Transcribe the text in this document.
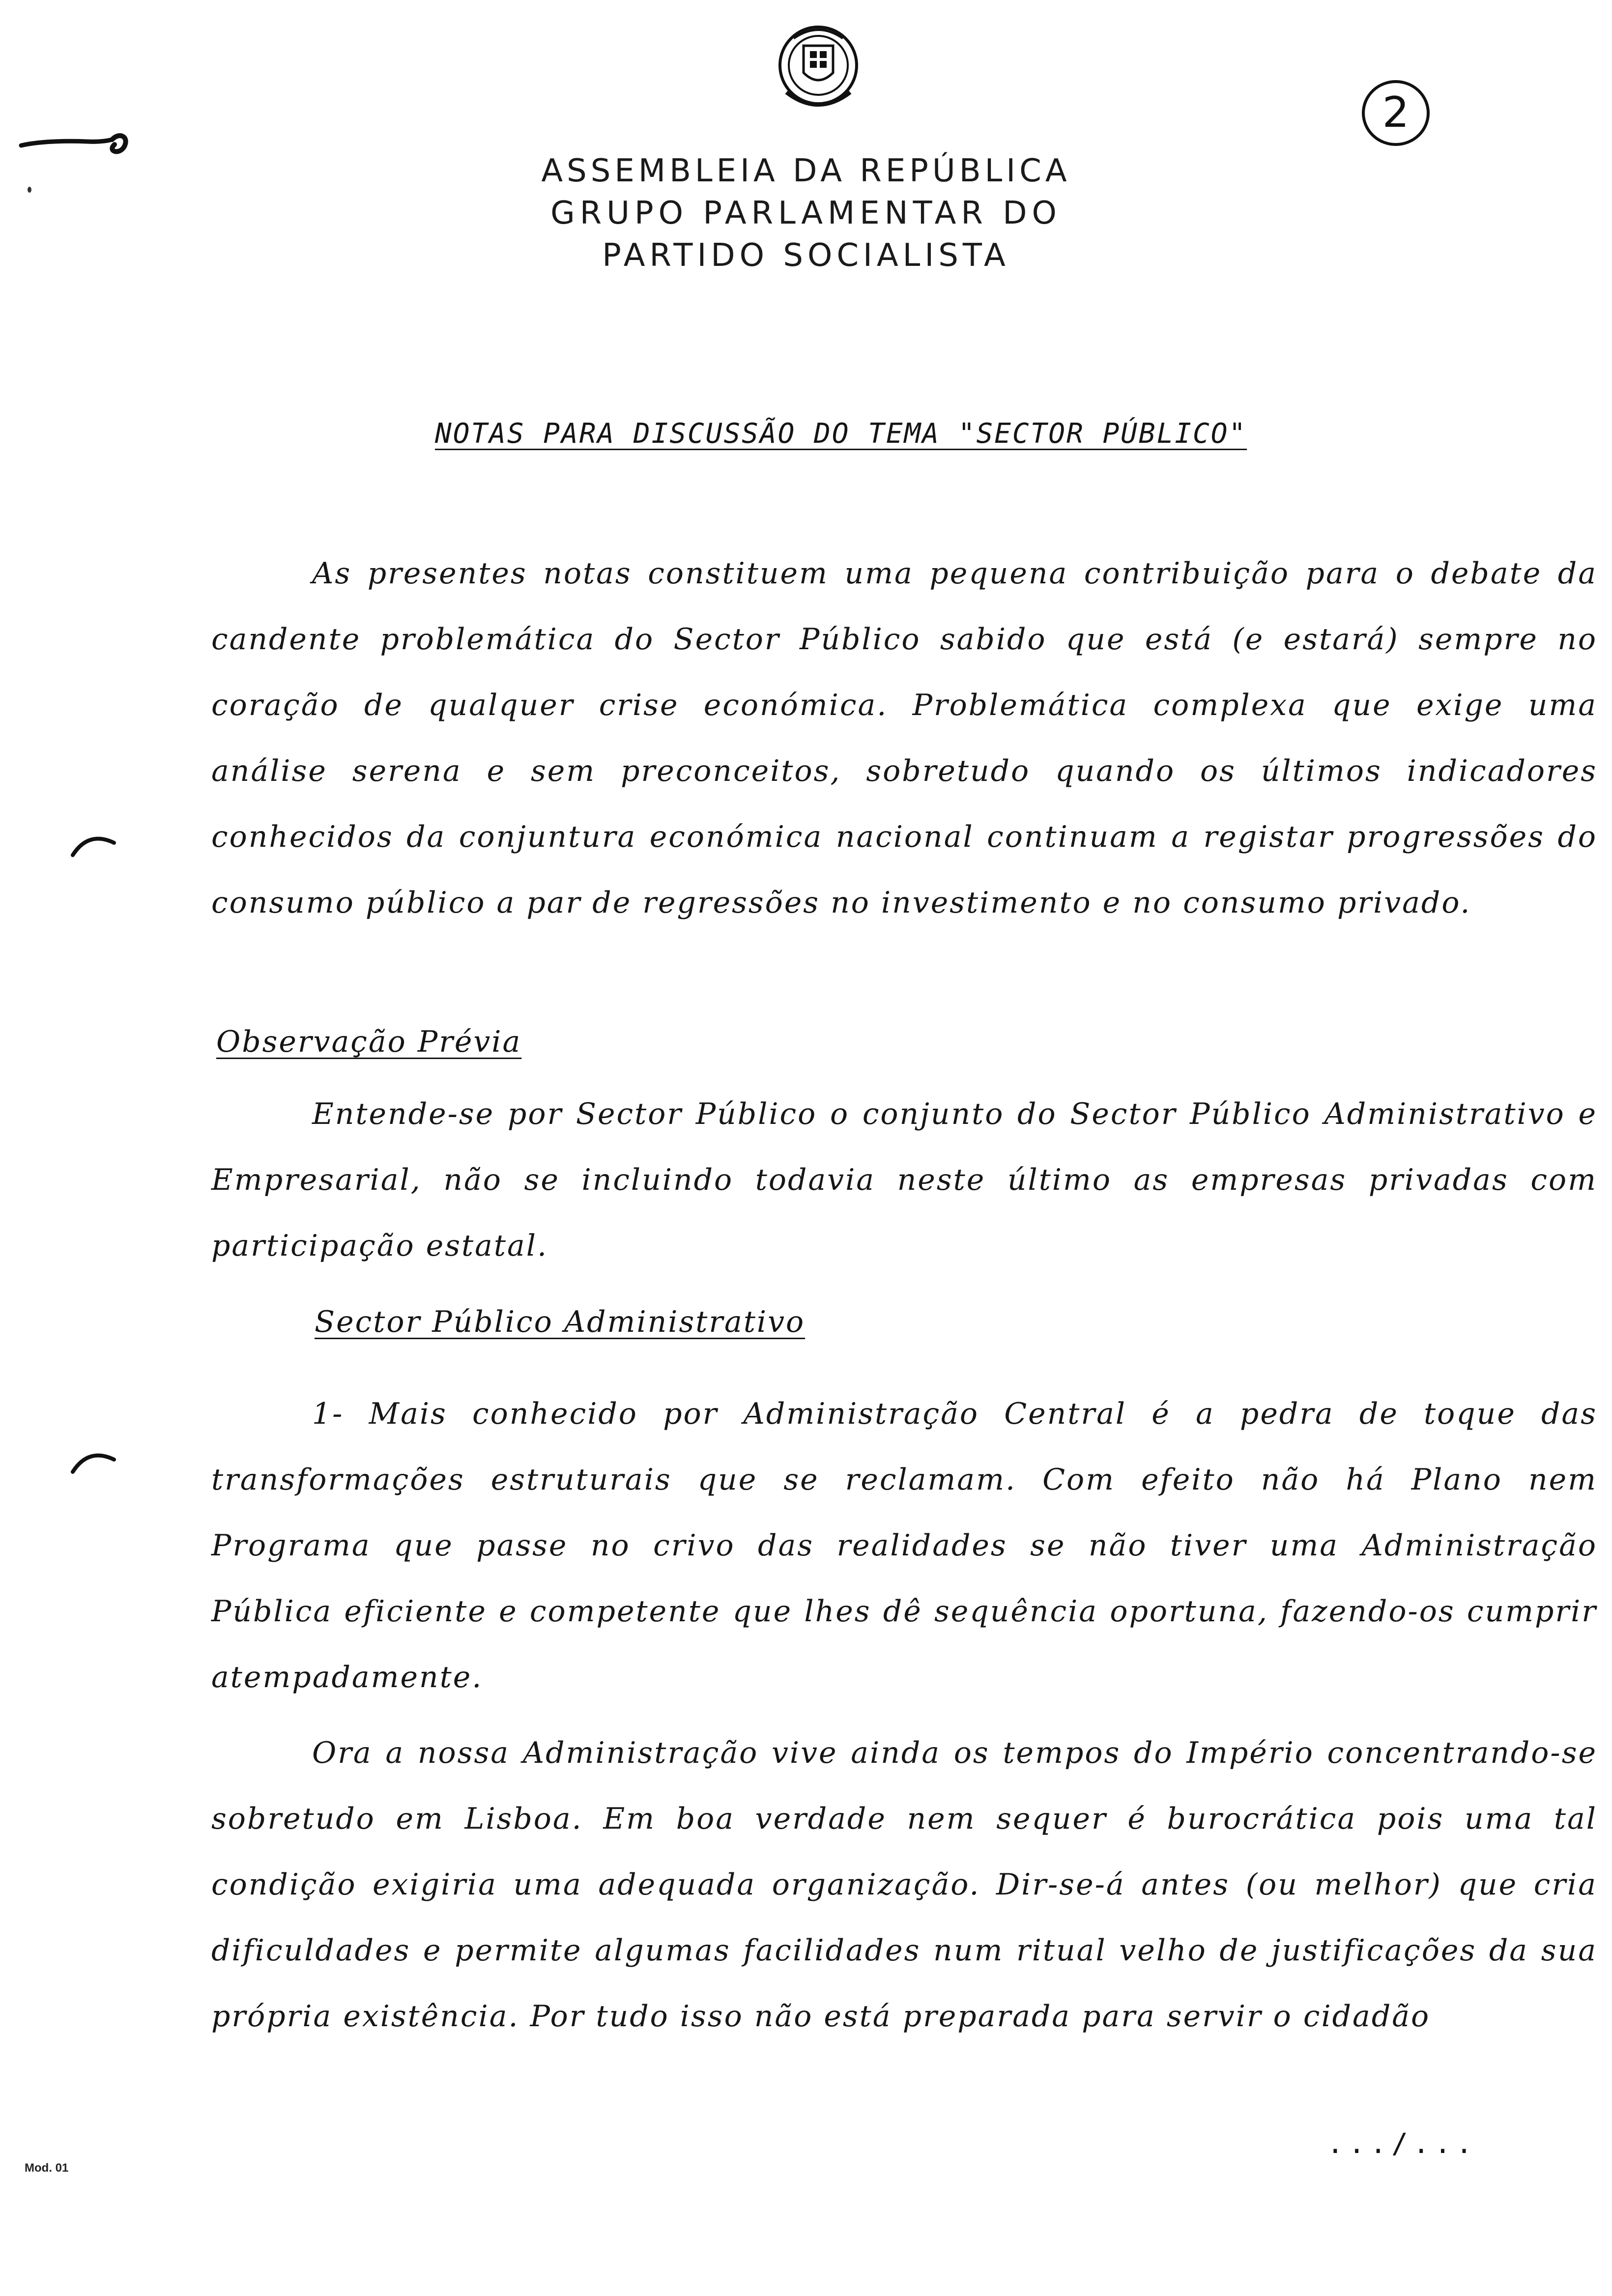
2
ASSEMBLEIA DA REPÚBLICA
GRUPO PARLAMENTAR DO
PARTIDO SOCIALISTA
NOTAS PARA DISCUSSÃO DO TEMA "SECTOR PÚBLICO"
As presentes notas constituem uma pequena contribuição para o debate da candente problemática do Sector Público sabido que está (e estará) sempre no coração de qualquer crise económica. Problemática complexa que exige uma análise serena e sem preconceitos, sobretudo quando os últimos indicadores conhecidos da conjuntura económica nacional continuam a registar progressões do consumo público a par de regressões no investimento e no consumo privado.
Observação Prévia
Entende-se por Sector Público o conjunto do Sector Público Administrativo e Empresarial, não se incluindo todavia neste último as empresas privadas com participação estatal.
Sector Público Administrativo
1- Mais conhecido por Administração Central é a pedra de toque das transformações estruturais que se reclamam. Com efeito não há Plano nem Programa que passe no crivo das realidades se não tiver uma Administração Pública eficiente e competente que lhes dê sequência oportuna, fazendo-os cumprir atempadamente.
Ora a nossa Administração vive ainda os tempos do Império concentrando-se sobretudo em Lisboa. Em boa verdade nem sequer é burocrática pois uma tal condição exigiria uma adequada organização. Dir-se-á antes (ou melhor) que cria dificuldades e permite algumas facilidades num ritual velho de justificações da sua própria existência. Por tudo isso não está preparada para servir o cidadão
.../...
Mod. 01
